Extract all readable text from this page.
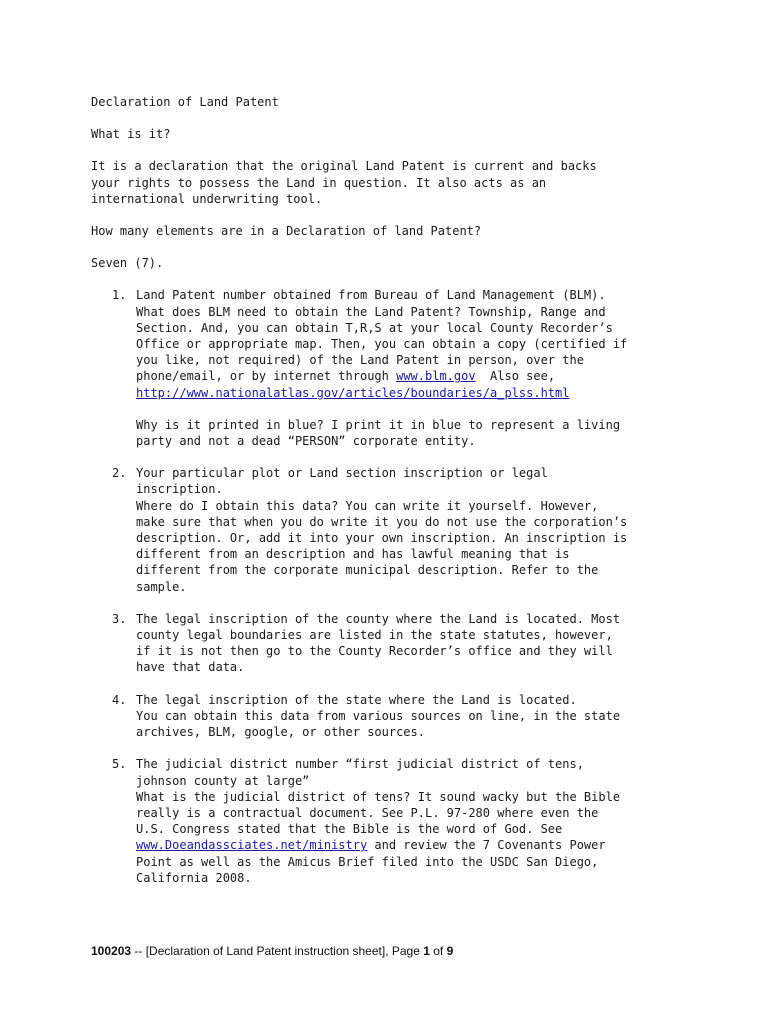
Declaration of Land Patent

What is it?

It is a declaration that the original Land Patent is current and backs

your rights to possess the Land in question. It also acts as an

international underwriting tool.

How many elements are in a Declaration of land Patent?

Seven (7).

1. Land Patent number obtained from Bureau of Land Management (BLM).

What does BLM need to obtain the Land Patent? Township, Range and

Section. And, you can obtain T,R,S at your local County Recorder’s

Office or appropriate map. Then, you can obtain a copy (certified if

you like, not required) of the Land Patent in person, over the

phone/email, or by internet through www.blm.gov  Also see,

http://www.nationalatlas.gov/articles/boundaries/a_plss.html

Why is it printed in blue? I print it in blue to represent a living

party and not a dead “PERSON” corporate entity.

2. Your particular plot or Land section inscription or legal

inscription.

Where do I obtain this data? You can write it yourself. However,

make sure that when you do write it you do not use the corporation’s

description. Or, add it into your own inscription. An inscription is

different from an description and has lawful meaning that is

different from the corporate municipal description. Refer to the

sample.

3. The legal inscription of the county where the Land is located. Most

county legal boundaries are listed in the state statutes, however,

if it is not then go to the County Recorder’s office and they will

have that data.

4. The legal inscription of the state where the Land is located.

You can obtain this data from various sources on line, in the state

archives, BLM, google, or other sources.

5. The judicial district number “first judicial district of tens,

johnson county at large”

What is the judicial district of tens? It sound wacky but the Bible

really is a contractual document. See P.L. 97-280 where even the

U.S. Congress stated that the Bible is the word of God. See

www.Doeandassciates.net/ministry and review the 7 Covenants Power

Point as well as the Amicus Brief filed into the USDC San Diego,

California 2008.

100203 -- [Declaration of Land Patent instruction sheet], Page 1 of 9
